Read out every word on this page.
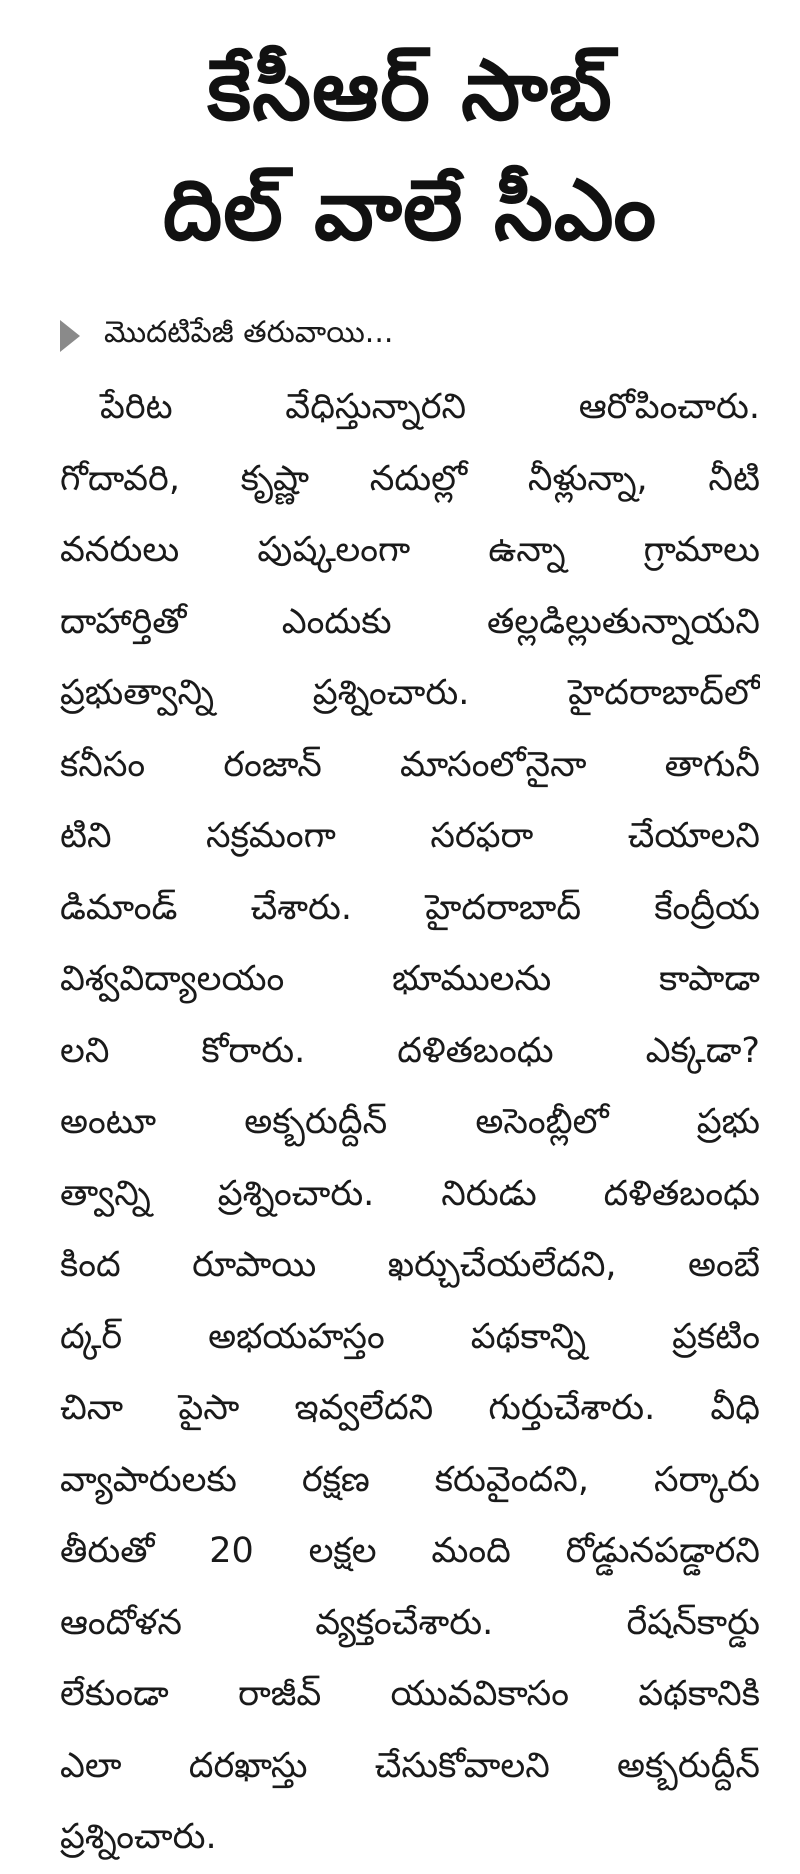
కేసీఆర్ సాబ్
దిల్ వాలే సీఎం
మొదటిపేజీ తరువాయి...
పేరిట వేధిస్తున్నారని ఆరోపించారు.
గోదావరి, కృష్ణా నదుల్లో నీళ్లున్నా, నీటి
వనరులు పుష్కలంగా ఉన్నా గ్రామాలు
దాహార్తితో ఎందుకు తల్లడిల్లుతున్నాయని
ప్రభుత్వాన్ని ప్రశ్నించారు. హైదరాబాద్‌లో
కనీసం రంజాన్ మాసంలోనైనా తాగునీ
టిని సక్రమంగా సరఫరా చేయాలని
డిమాండ్ చేశారు. హైదరాబాద్ కేంద్రీయ
విశ్వవిద్యాలయం భూములను కాపాడా
లని కోరారు. దళితబంధు ఎక్కడా?
అంటూ అక్బరుద్దీన్ అసెంబ్లీలో ప్రభు
త్వాన్ని ప్రశ్నించారు. నిరుడు దళితబంధు
కింద రూపాయి ఖర్చుచేయలేదని, అంబే
ద్కర్ అభయహస్తం పథకాన్ని ప్రకటిం
చినా పైసా ఇవ్వలేదని గుర్తుచేశారు. వీధి
వ్యాపారులకు రక్షణ కరువైందని, సర్కారు
తీరుతో 20 లక్షల మంది రోడ్డునపడ్డారని
ఆందోళన వ్యక్తంచేశారు. రేషన్‌కార్డు
లేకుండా రాజీవ్ యువవికాసం పథకానికి
ఎలా దరఖాస్తు చేసుకోవాలని అక్బరుద్దీన్
ప్రశ్నించారు.
